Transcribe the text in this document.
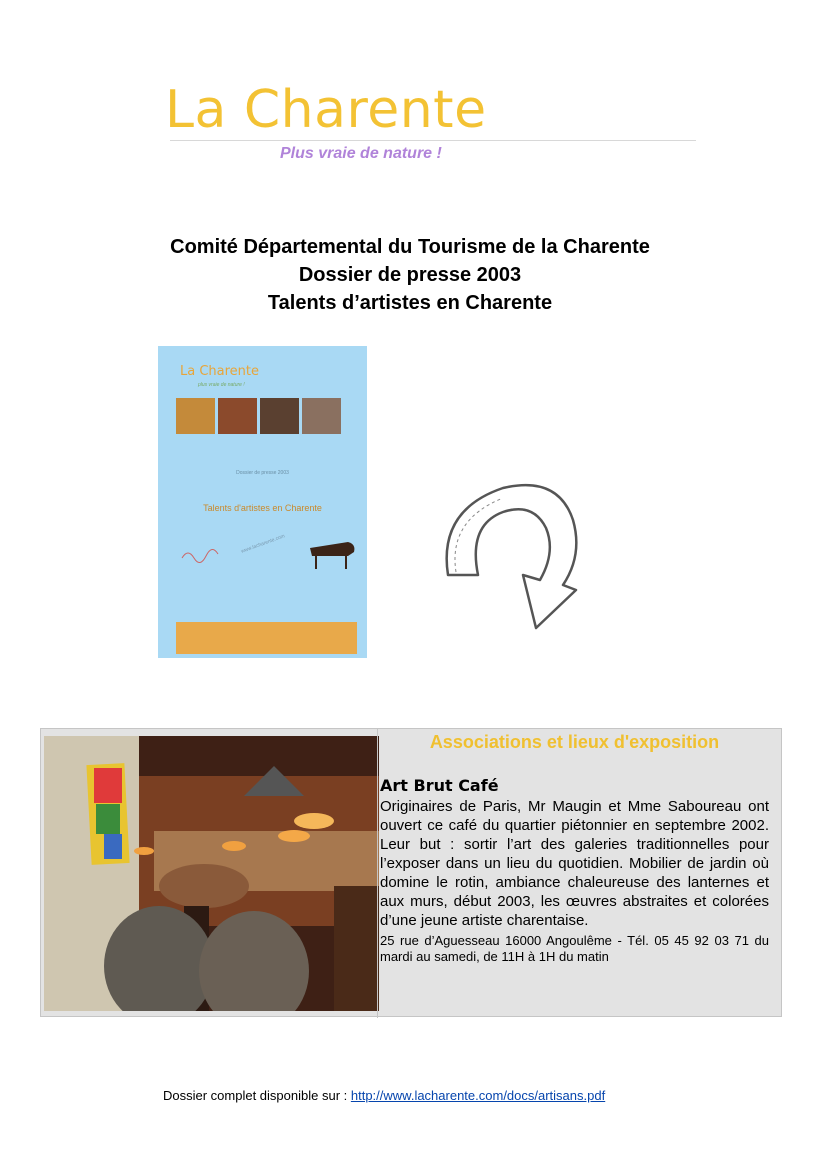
La Charente
Plus vraie de nature !
Comité Départemental du Tourisme de la Charente
Dossier de presse 2003
Talents d’artistes en Charente
La Charente
plus vraie de nature !
Dossier de presse 2003
Talents d'artistes en Charente
www.lacharente.com
Associations et lieux d'exposition
Art Brut Café
Originaires de Paris, Mr Maugin et Mme Saboureau ont ouvert ce café du quartier piétonnier en septembre 2002. Leur but : sortir l’art des galeries traditionnelles pour l’exposer dans un lieu du quotidien. Mobilier de jardin où domine le rotin, ambiance chaleureuse des lanternes et aux murs, début 2003, les œuvres abstraites et colorées d’une jeune artiste charentaise.
25 rue d’Aguesseau 16000 Angoulême - Tél. 05 45 92 03 71 du mardi au samedi, de 11H à 1H du matin
Dossier complet disponible sur : http://www.lacharente.com/docs/artisans.pdf
